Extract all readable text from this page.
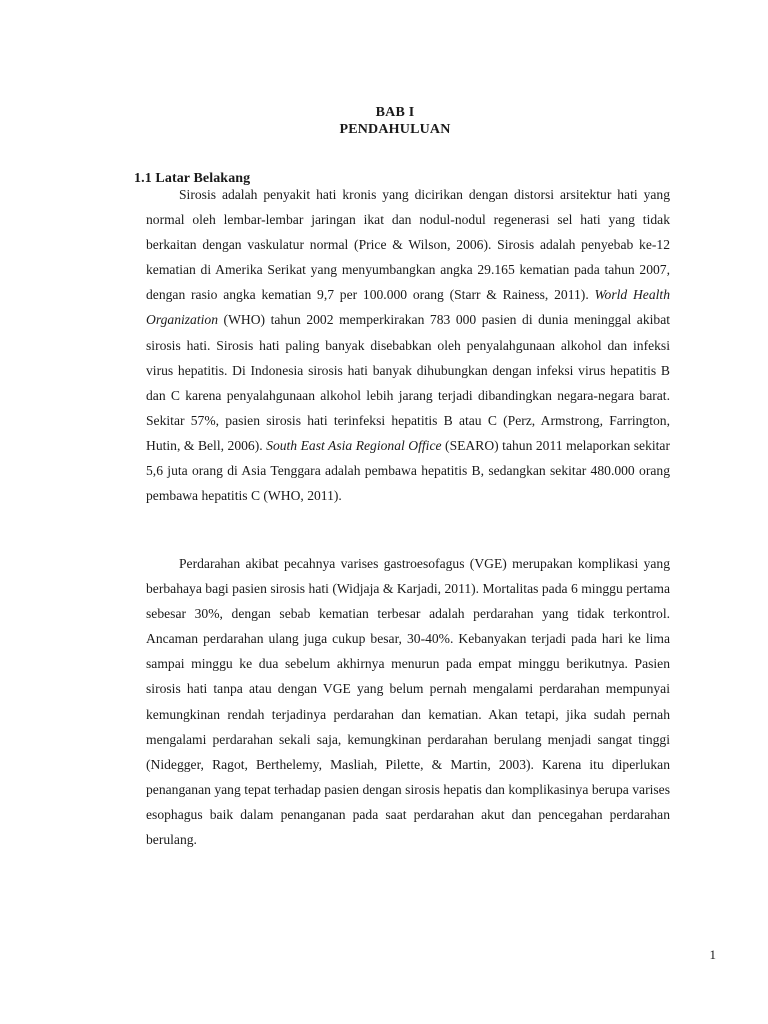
BAB I
PENDAHULUAN
1.1 Latar Belakang

Sirosis adalah penyakit hati kronis yang dicirikan dengan distorsi arsitektur hati yang normal oleh lembar-lembar jaringan ikat dan nodul-nodul regenerasi sel hati yang tidak berkaitan dengan vaskulatur normal (Price & Wilson, 2006). Sirosis adalah penyebab ke-12 kematian di Amerika Serikat yang menyumbangkan angka 29.165 kematian pada tahun 2007, dengan rasio angka kematian 9,7 per 100.000 orang (Starr & Rainess, 2011). World Health Organization (WHO) tahun 2002 memperkirakan 783 000 pasien di dunia meninggal akibat sirosis hati. Sirosis hati paling banyak disebabkan oleh penyalahgunaan alkohol dan infeksi virus hepatitis. Di Indonesia sirosis hati banyak dihubungkan dengan infeksi virus hepatitis B dan C karena penyalahgunaan alkohol lebih jarang terjadi dibandingkan negara-negara barat. Sekitar 57%, pasien sirosis hati terinfeksi hepatitis B atau C (Perz, Armstrong, Farrington, Hutin, & Bell, 2006). South East Asia Regional Office (SEARO) tahun 2011 melaporkan sekitar 5,6 juta orang di Asia Tenggara adalah pembawa hepatitis B, sedangkan sekitar 480.000 orang pembawa hepatitis C (WHO, 2011).

Perdarahan akibat pecahnya varises gastroesofagus (VGE) merupakan komplikasi yang berbahaya bagi pasien sirosis hati (Widjaja & Karjadi, 2011). Mortalitas pada 6 minggu pertama sebesar 30%, dengan sebab kematian terbesar adalah perdarahan yang tidak terkontrol. Ancaman perdarahan ulang juga cukup besar, 30-40%. Kebanyakan terjadi pada hari ke lima sampai minggu ke dua sebelum akhirnya menurun pada empat minggu berikutnya. Pasien sirosis hati tanpa atau dengan VGE yang belum pernah mengalami perdarahan mempunyai kemungkinan rendah terjadinya perdarahan dan kematian. Akan tetapi, jika sudah pernah mengalami perdarahan sekali saja, kemungkinan perdarahan berulang menjadi sangat tinggi (Nidegger, Ragot, Berthelemy, Masliah, Pilette, & Martin, 2003). Karena itu diperlukan penanganan yang tepat terhadap pasien dengan sirosis hepatis dan komplikasinya berupa varises esophagus baik dalam penanganan pada saat perdarahan akut dan pencegahan perdarahan berulang.

1
